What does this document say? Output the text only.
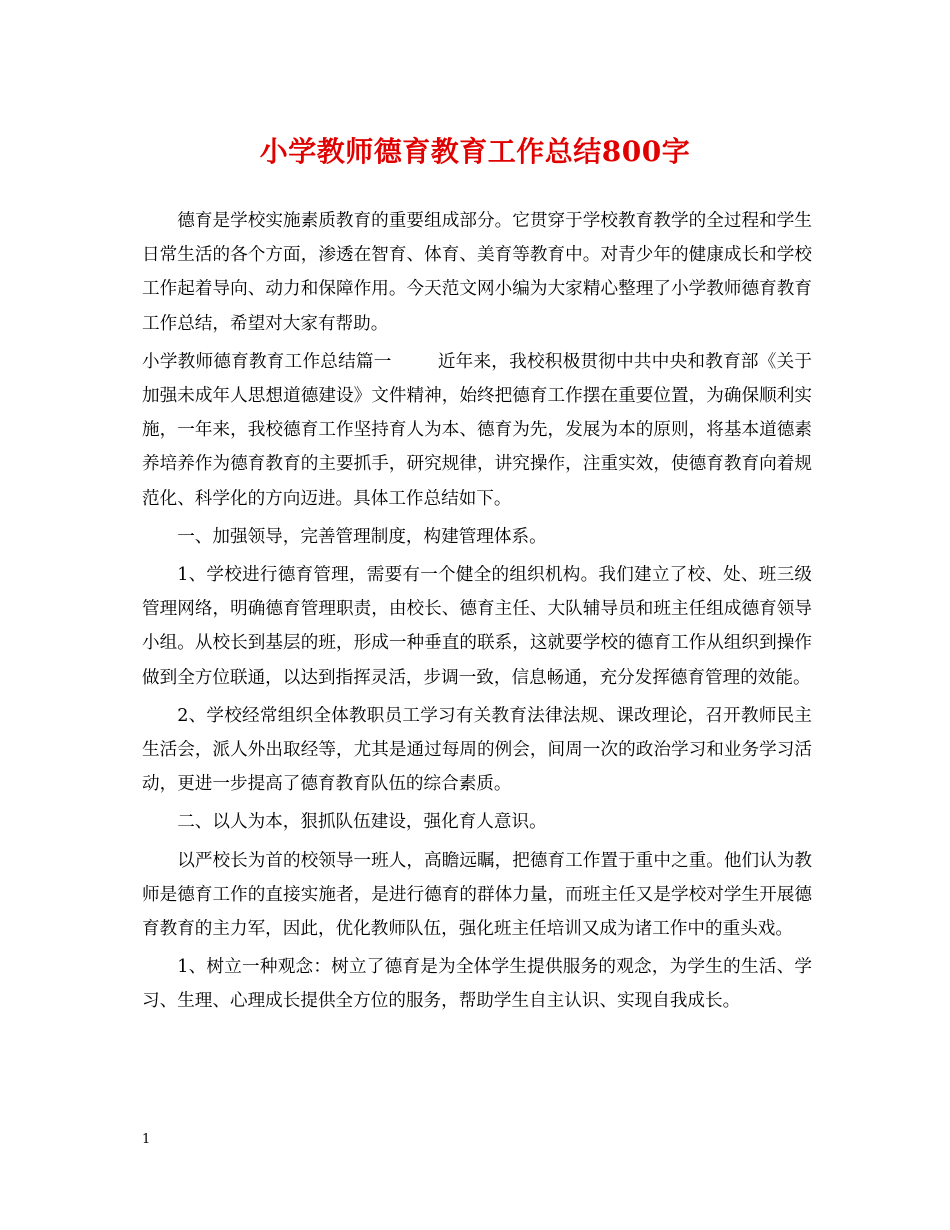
小学教师德育教育工作总结800字

德育是学校实施素质教育的重要组成部分。它贯穿于学校教育教学的全过程和学生日常生活的各个方面，渗透在智育、体育、美育等教育中。对青少年的健康成长和学校工作起着导向、动力和保障作用。今天范文网小编为大家精心整理了小学教师德育教育工作总结，希望对大家有帮助。

小学教师德育教育工作总结篇一	近年来，我校积极贯彻中共中央和教育部《关于加强未成年人思想道德建设》文件精神，始终把德育工作摆在重要位置，为确保顺利实施，一年来，我校德育工作坚持育人为本、德育为先，发展为本的原则，将基本道德素养培养作为德育教育的主要抓手，研究规律，讲究操作，注重实效，使德育教育向着规范化、科学化的方向迈进。具体工作总结如下。

一、加强领导，完善管理制度，构建管理体系。

1、学校进行德育管理，需要有一个健全的组织机构。我们建立了校、处、班三级管理网络，明确德育管理职责，由校长、德育主任、大队辅导员和班主任组成德育领导小组。从校长到基层的班，形成一种垂直的联系，这就要学校的德育工作从组织到操作做到全方位联通，以达到指挥灵活，步调一致，信息畅通，充分发挥德育管理的效能。

2、学校经常组织全体教职员工学习有关教育法律法规、课改理论，召开教师民主生活会，派人外出取经等，尤其是通过每周的例会，间周一次的政治学习和业务学习活动，更进一步提高了德育教育队伍的综合素质。

二、以人为本，狠抓队伍建设，强化育人意识。

以严校长为首的校领导一班人，高瞻远瞩，把德育工作置于重中之重。他们认为教师是德育工作的直接实施者，是进行德育的群体力量，而班主任又是学校对学生开展德育教育的主力军，因此，优化教师队伍，强化班主任培训又成为诸工作中的重头戏。

1、树立一种观念：树立了德育是为全体学生提供服务的观念，为学生的生活、学习、生理、心理成长提供全方位的服务，帮助学生自主认识、实现自我成长。

1
